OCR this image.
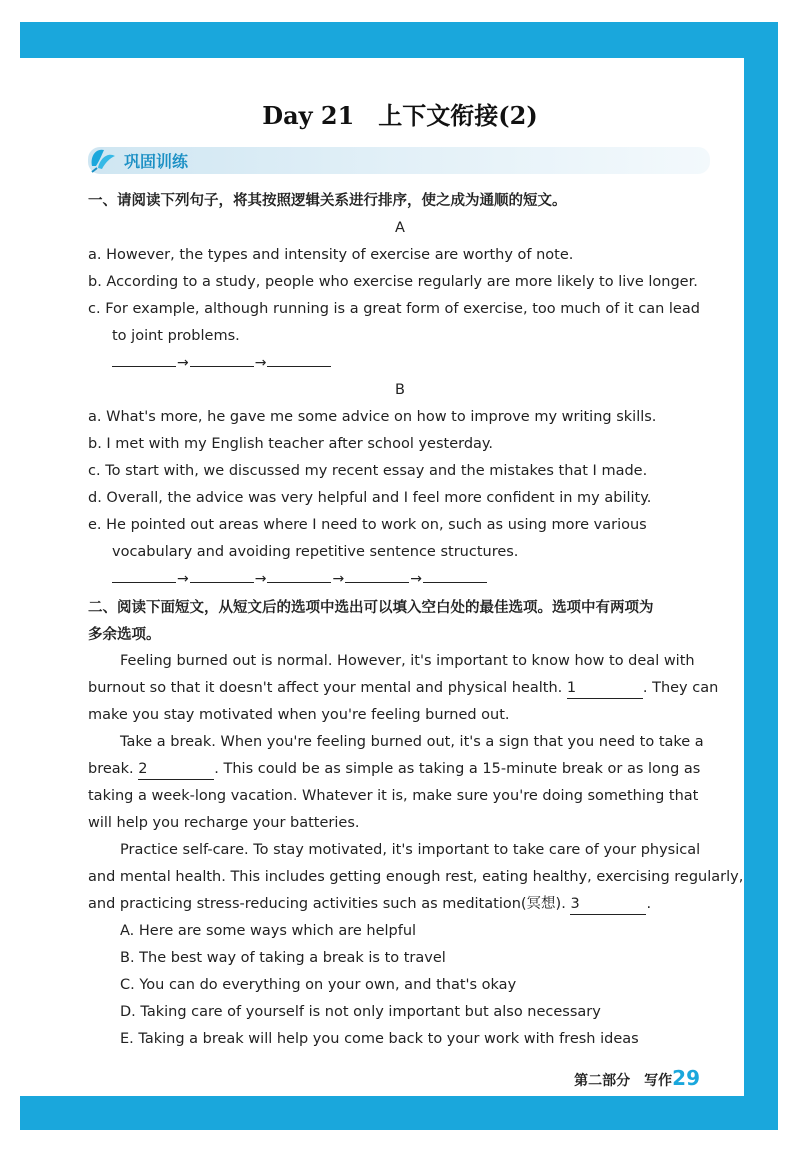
Day 21　上下文衔接(2)
巩固训练
一、请阅读下列句子，将其按照逻辑关系进行排序，使之成为通顺的短文。
A
a. However, the types and intensity of exercise are worthy of note.
b. According to a study, people who exercise regularly are more likely to live longer.
c. For example, although running is a great form of exercise, too much of it can lead
to joint problems.
→	→
B
a. What's more, he gave me some advice on how to improve my writing skills.
b. I met with my English teacher after school yesterday.
c. To start with, we discussed my recent essay and the mistakes that I made.
d. Overall, the advice was very helpful and I feel more confident in my ability.
e. He pointed out areas where I need to work on, such as using more various
vocabulary and avoiding repetitive sentence structures.
→	→	→	→
二、阅读下面短文，从短文后的选项中选出可以填入空白处的最佳选项。选项中有两项为
多余选项。
Feeling burned out is normal. However, it's important to know how to deal with
burnout so that it doesn't affect your mental and physical health. 1	. They can
make you stay motivated when you're feeling burned out.
Take a break. When you're feeling burned out, it's a sign that you need to take a
break. 2	. This could be as simple as taking a 15-minute break or as long as
taking a week-long vacation. Whatever it is, make sure you're doing something that
will help you recharge your batteries.
Practice self-care. To stay motivated, it's important to take care of your physical
and mental health. This includes getting enough rest, eating healthy, exercising regularly,
and practicing stress-reducing activities such as meditation(冥想). 3	.
A. Here are some ways which are helpful
B. The best way of taking a break is to travel
C. You can do everything on your own, and that's okay
D. Taking care of yourself is not only important but also necessary
E. Taking a break will help you come back to your work with fresh ideas
第二部分　写作29
